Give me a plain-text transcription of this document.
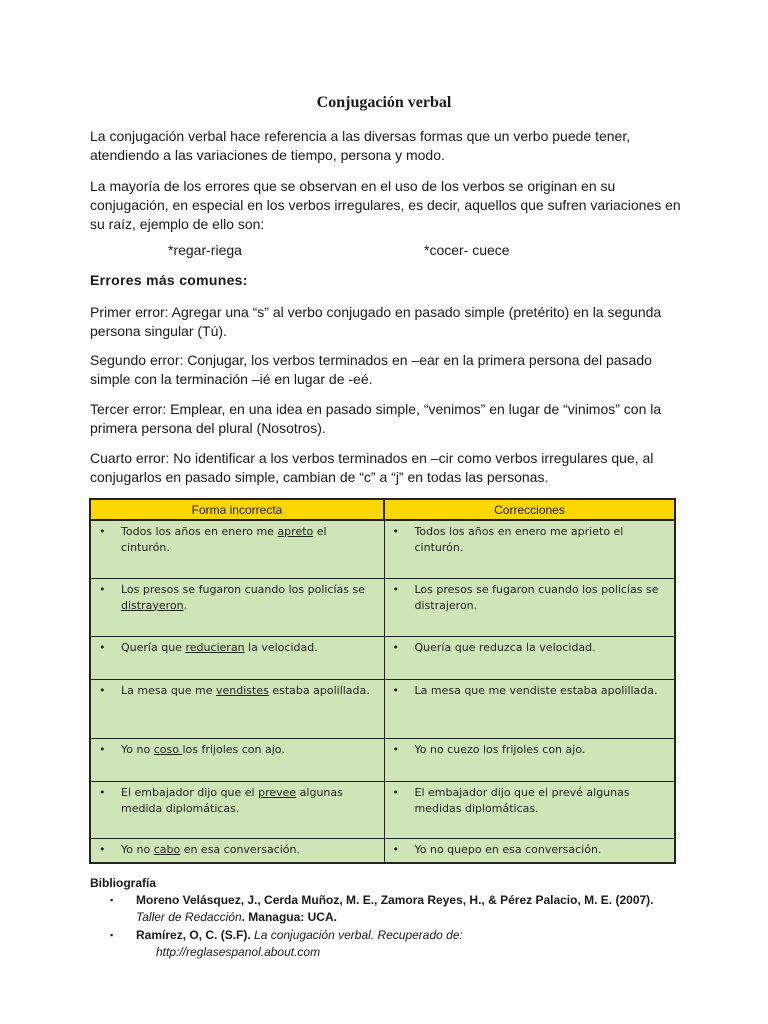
Conjugación verbal
La conjugación verbal hace referencia a las diversas formas que un verbo puede tener, atendiendo a las variaciones de tiempo, persona y modo.
La mayoría de los errores que se observan en el uso de los verbos se originan en su conjugación, en especial en los verbos irregulares, es decir, aquellos que sufren variaciones en su raíz, ejemplo de ello son:
*regar-riega	*cocer- cuece
Errores más comunes:
Primer error: Agregar una “s” al verbo conjugado en pasado simple (pretérito) en la segunda persona singular (Tú).
Segundo error: Conjugar, los verbos terminados en –ear en la primera persona del pasado simple con la terminación –ié en lugar de -eé.
Tercer error: Emplear, en una idea en pasado simple, “venimos” en lugar de “vinimos” con la primera persona del plural (Nosotros).
Cuarto error: No identificar a los verbos terminados en –cir como verbos irregulares que, al conjugarlos en pasado simple, cambian de “c” a “j” en todas las personas.
Forma incorrecta	Correcciones

• Todos los años en enero me apreto el cinturón.	• Todos los años en enero me aprieto el cinturón.

• Los presos se fugaron cuando los policías se distrayeron.	• Los presos se fugaron cuando los policías se distrajeron.

• Quería que reducieran la velocidad.	• Quería que reduzca la velocidad.

• La mesa que me vendistes estaba apolillada.	• La mesa que me vendiste estaba apolillada.

• Yo no coso los frijoles con ajo.	• Yo no cuezo los frijoles con ajo.

• El embajador dijo que el prevee algunas medida diplomáticas.	• El embajador dijo que el prevé algunas medidas diplomáticas.

• Yo no cabo en esa conversación.	• Yo no quepo en esa conversación.
Bibliografía
▪ Moreno Velásquez, J., Cerda Muñoz, M. E., Zamora Reyes, H., & Pérez Palacio, M. E. (2007).
Taller de Redacción. Managua: UCA.
▪ Ramírez, O, C. (S.F). La conjugación verbal. Recuperado de:
http://reglasespanol.about.com
